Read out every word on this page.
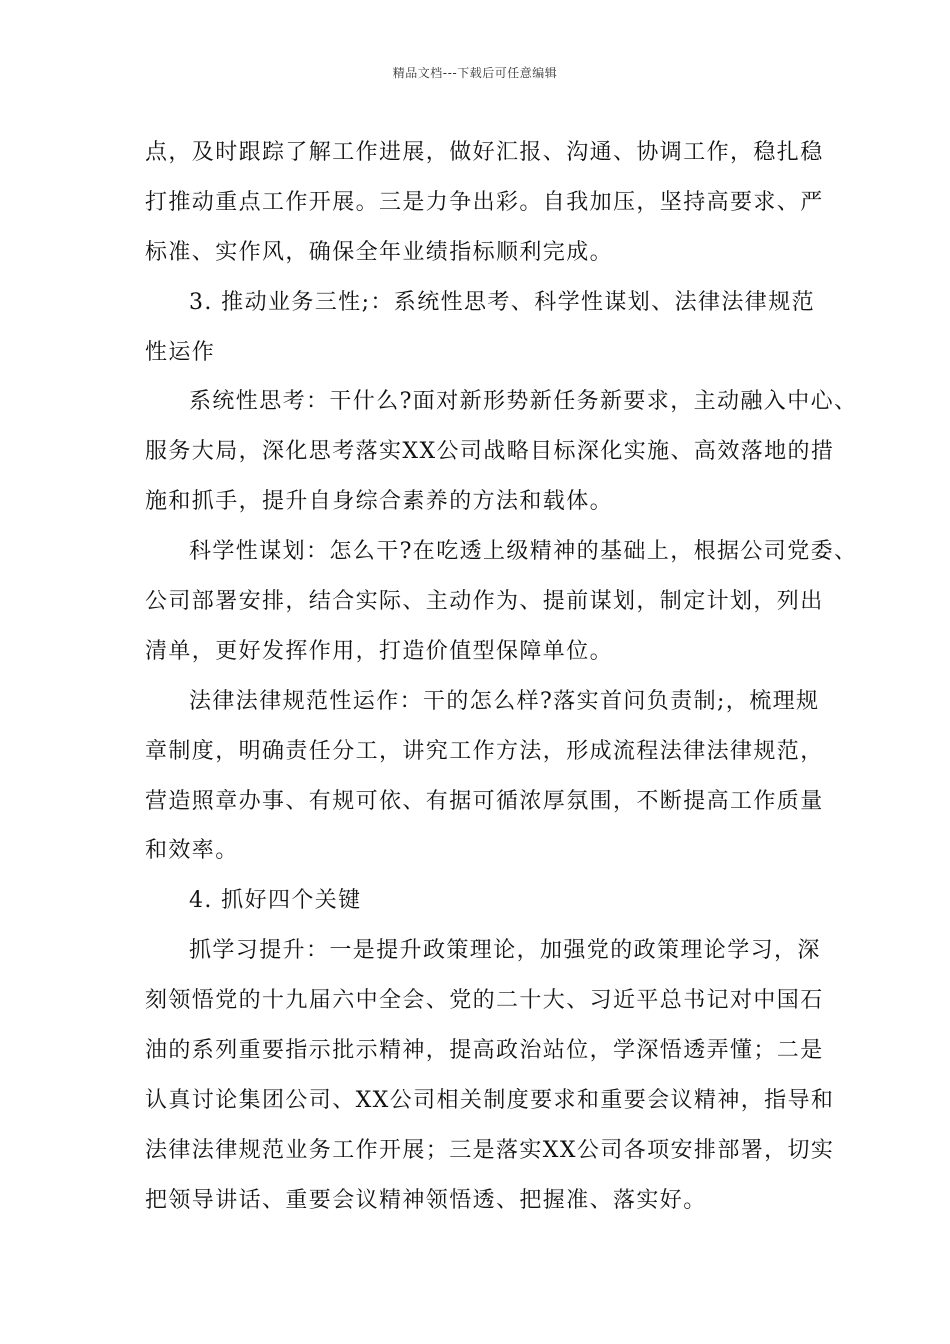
精品文档---下载后可任意编辑
点，及时跟踪了解工作进展，做好汇报、沟通、协调工作，稳扎稳
打推动重点工作开展。三是力争出彩。自我加压，坚持高要求、严
标准、实作风，确保全年业绩指标顺利完成。
3. 推动业务三性;：系统性思考、科学性谋划、法律法律规范
性运作
系统性思考：干什么?面对新形势新任务新要求，主动融入中心、
服务大局，深化思考落实XX公司战略目标深化实施、高效落地的措
施和抓手，提升自身综合素养的方法和载体。
科学性谋划：怎么干?在吃透上级精神的基础上，根据公司党委、
公司部署安排，结合实际、主动作为、提前谋划，制定计划，列出
清单，更好发挥作用，打造价值型保障单位。
法律法律规范性运作：干的怎么样?落实首问负责制;，梳理规
章制度，明确责任分工，讲究工作方法，形成流程法律法律规范，
营造照章办事、有规可依、有据可循浓厚氛围，不断提高工作质量
和效率。
4. 抓好四个关键
抓学习提升：一是提升政策理论，加强党的政策理论学习，深
刻领悟党的十九届六中全会、党的二十大、习近平总书记对中国石
油的系列重要指示批示精神，提高政治站位，学深悟透弄懂；二是
认真讨论集团公司、XX公司相关制度要求和重要会议精神，指导和
法律法律规范业务工作开展；三是落实XX公司各项安排部署，切实
把领导讲话、重要会议精神领悟透、把握准、落实好。
